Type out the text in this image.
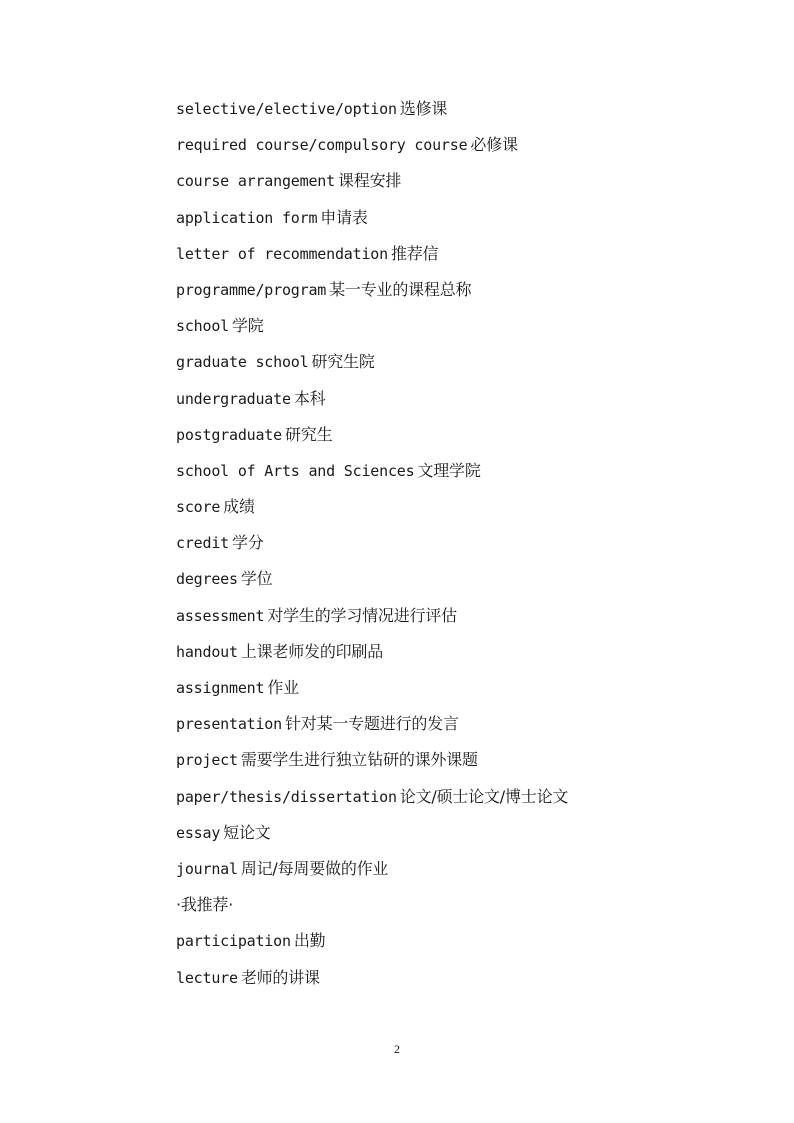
selective/elective/option 选修课
required course/compulsory course 必修课
course arrangement 课程安排
application form 申请表
letter of recommendation 推荐信
programme/program 某一专业的课程总称
school 学院
graduate school 研究生院
undergraduate 本科
postgraduate 研究生
school of Arts and Sciences 文理学院
score 成绩
credit 学分
degrees 学位
assessment 对学生的学习情况进行评估
handout 上课老师发的印刷品
assignment 作业
presentation 针对某一专题进行的发言
project 需要学生进行独立钻研的课外课题
paper/thesis/dissertation 论文/硕士论文/博士论文
essay 短论文
journal 周记/每周要做的作业
·我推荐·
participation 出勤
lecture 老师的讲课
2
